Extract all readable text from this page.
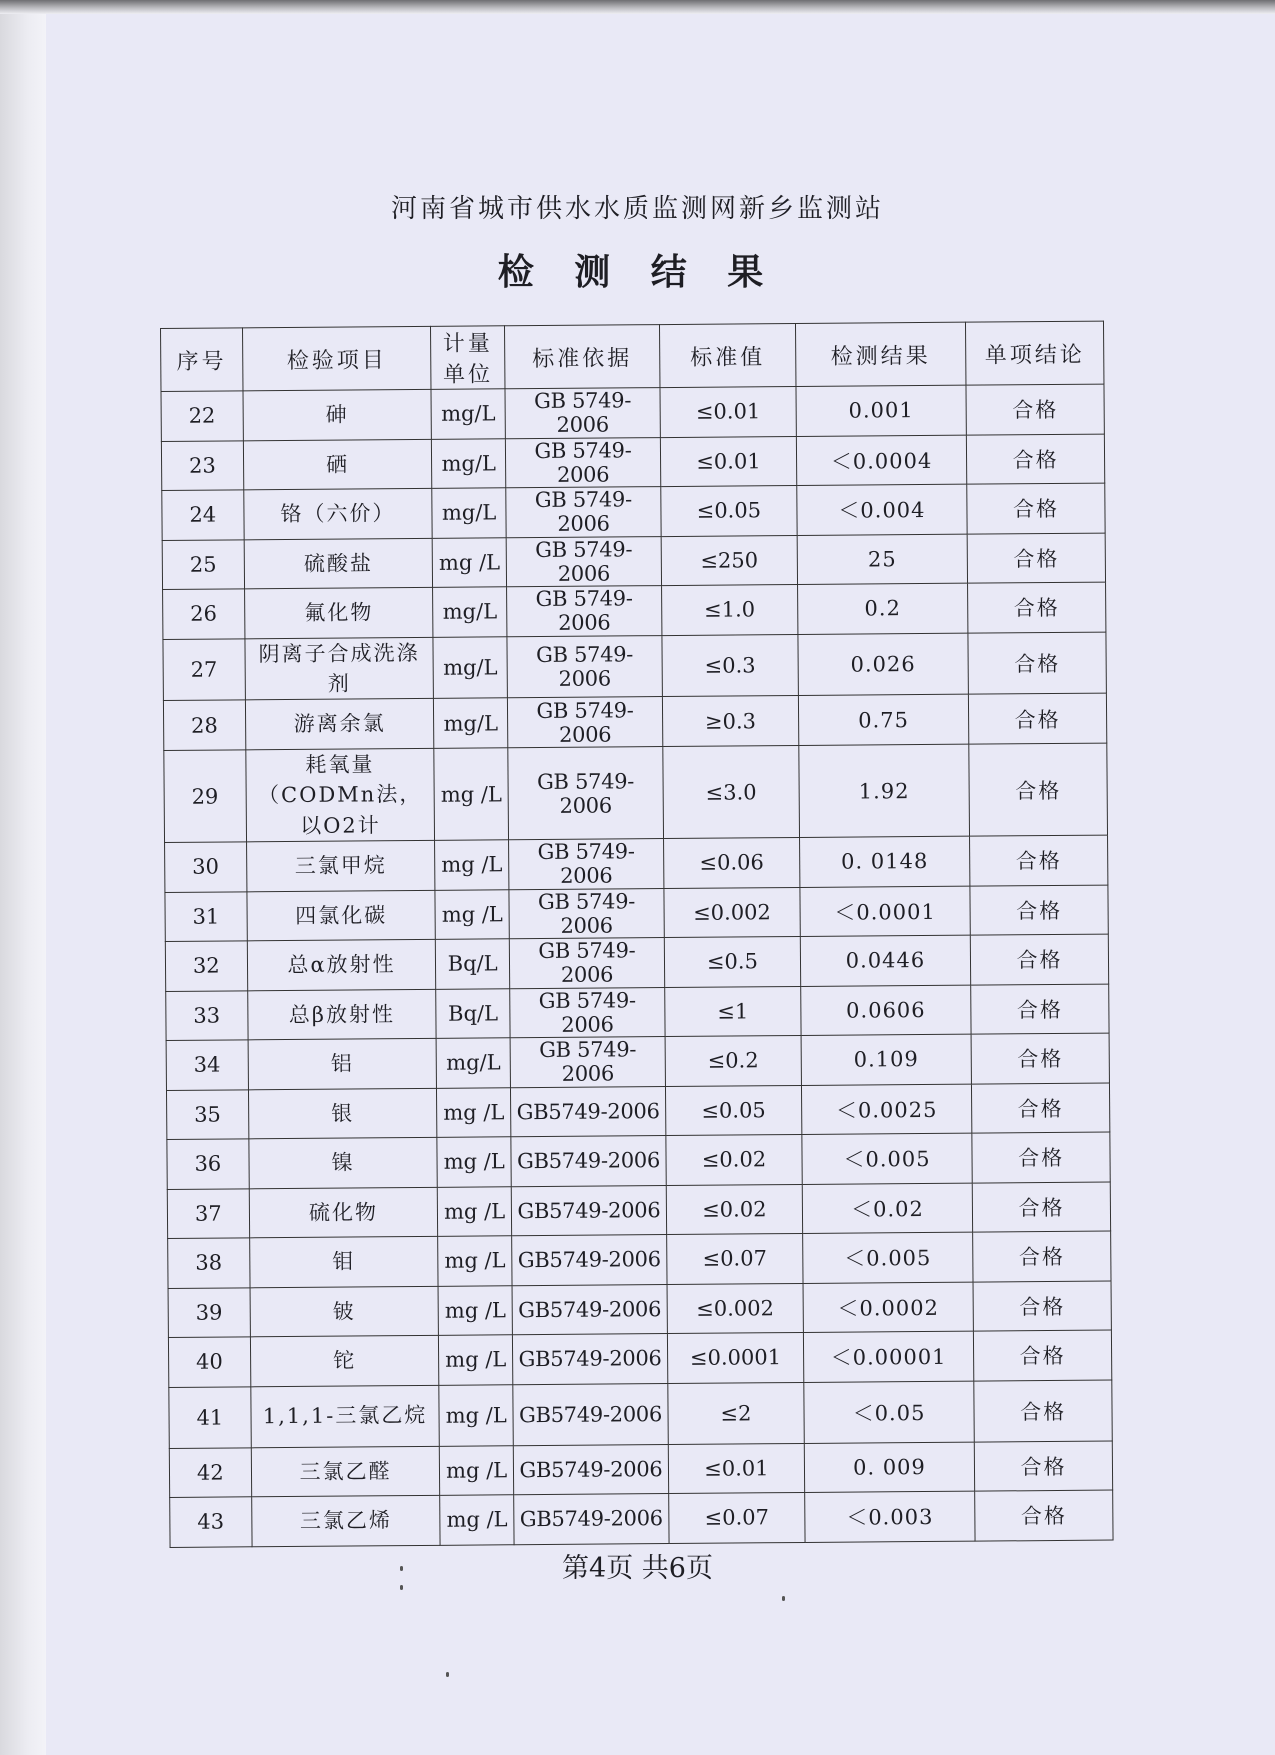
河南省城市供水水质监测网新乡监测站
检 测 结 果
序号	检验项目	计量单位	标准依据	标准值	检测结果	单项结论
22	砷	mg/L	GB 5749-2006	≤0.01	0.001	合格
23	硒	mg/L	GB 5749-2006	≤0.01	＜0.0004	合格
24	铬（六价）	mg/L	GB 5749-2006	≤0.05	＜0.004	合格
25	硫酸盐	mg /L	GB 5749-2006	≤250	25	合格
26	氟化物	mg/L	GB 5749-2006	≤1.0	0.2	合格
27	阴离子合成洗涤剂	mg/L	GB 5749-2006	≤0.3	0.026	合格
28	游离余氯	mg/L	GB 5749-2006	≥0.3	0.75	合格
29	耗氧量（CODMn法，以O2计	mg /L	GB 5749-2006	≤3.0	1.92	合格
30	三氯甲烷	mg /L	GB 5749-2006	≤0.06	0. 0148	合格
31	四氯化碳	mg /L	GB 5749-2006	≤0.002	＜0.0001	合格
32	总α放射性	Bq/L	GB 5749-2006	≤0.5	0.0446	合格
33	总β放射性	Bq/L	GB 5749-2006	≤1	0.0606	合格
34	铝	mg/L	GB 5749-2006	≤0.2	0.109	合格
35	银	mg /L	GB5749-2006	≤0.05	＜0.0025	合格
36	镍	mg /L	GB5749-2006	≤0.02	＜0.005	合格
37	硫化物	mg /L	GB5749-2006	≤0.02	＜0.02	合格
38	钼	mg /L	GB5749-2006	≤0.07	＜0.005	合格
39	铍	mg /L	GB5749-2006	≤0.002	＜0.0002	合格
40	铊	mg /L	GB5749-2006	≤0.0001	＜0.00001	合格
41	1,1,1-三氯乙烷	mg /L	GB5749-2006	≤2	＜0.05	合格
42	三氯乙醛	mg /L	GB5749-2006	≤0.01	0. 009	合格
43	三氯乙烯	mg /L	GB5749-2006	≤0.07	＜0.003	合格
第4页 共6页
